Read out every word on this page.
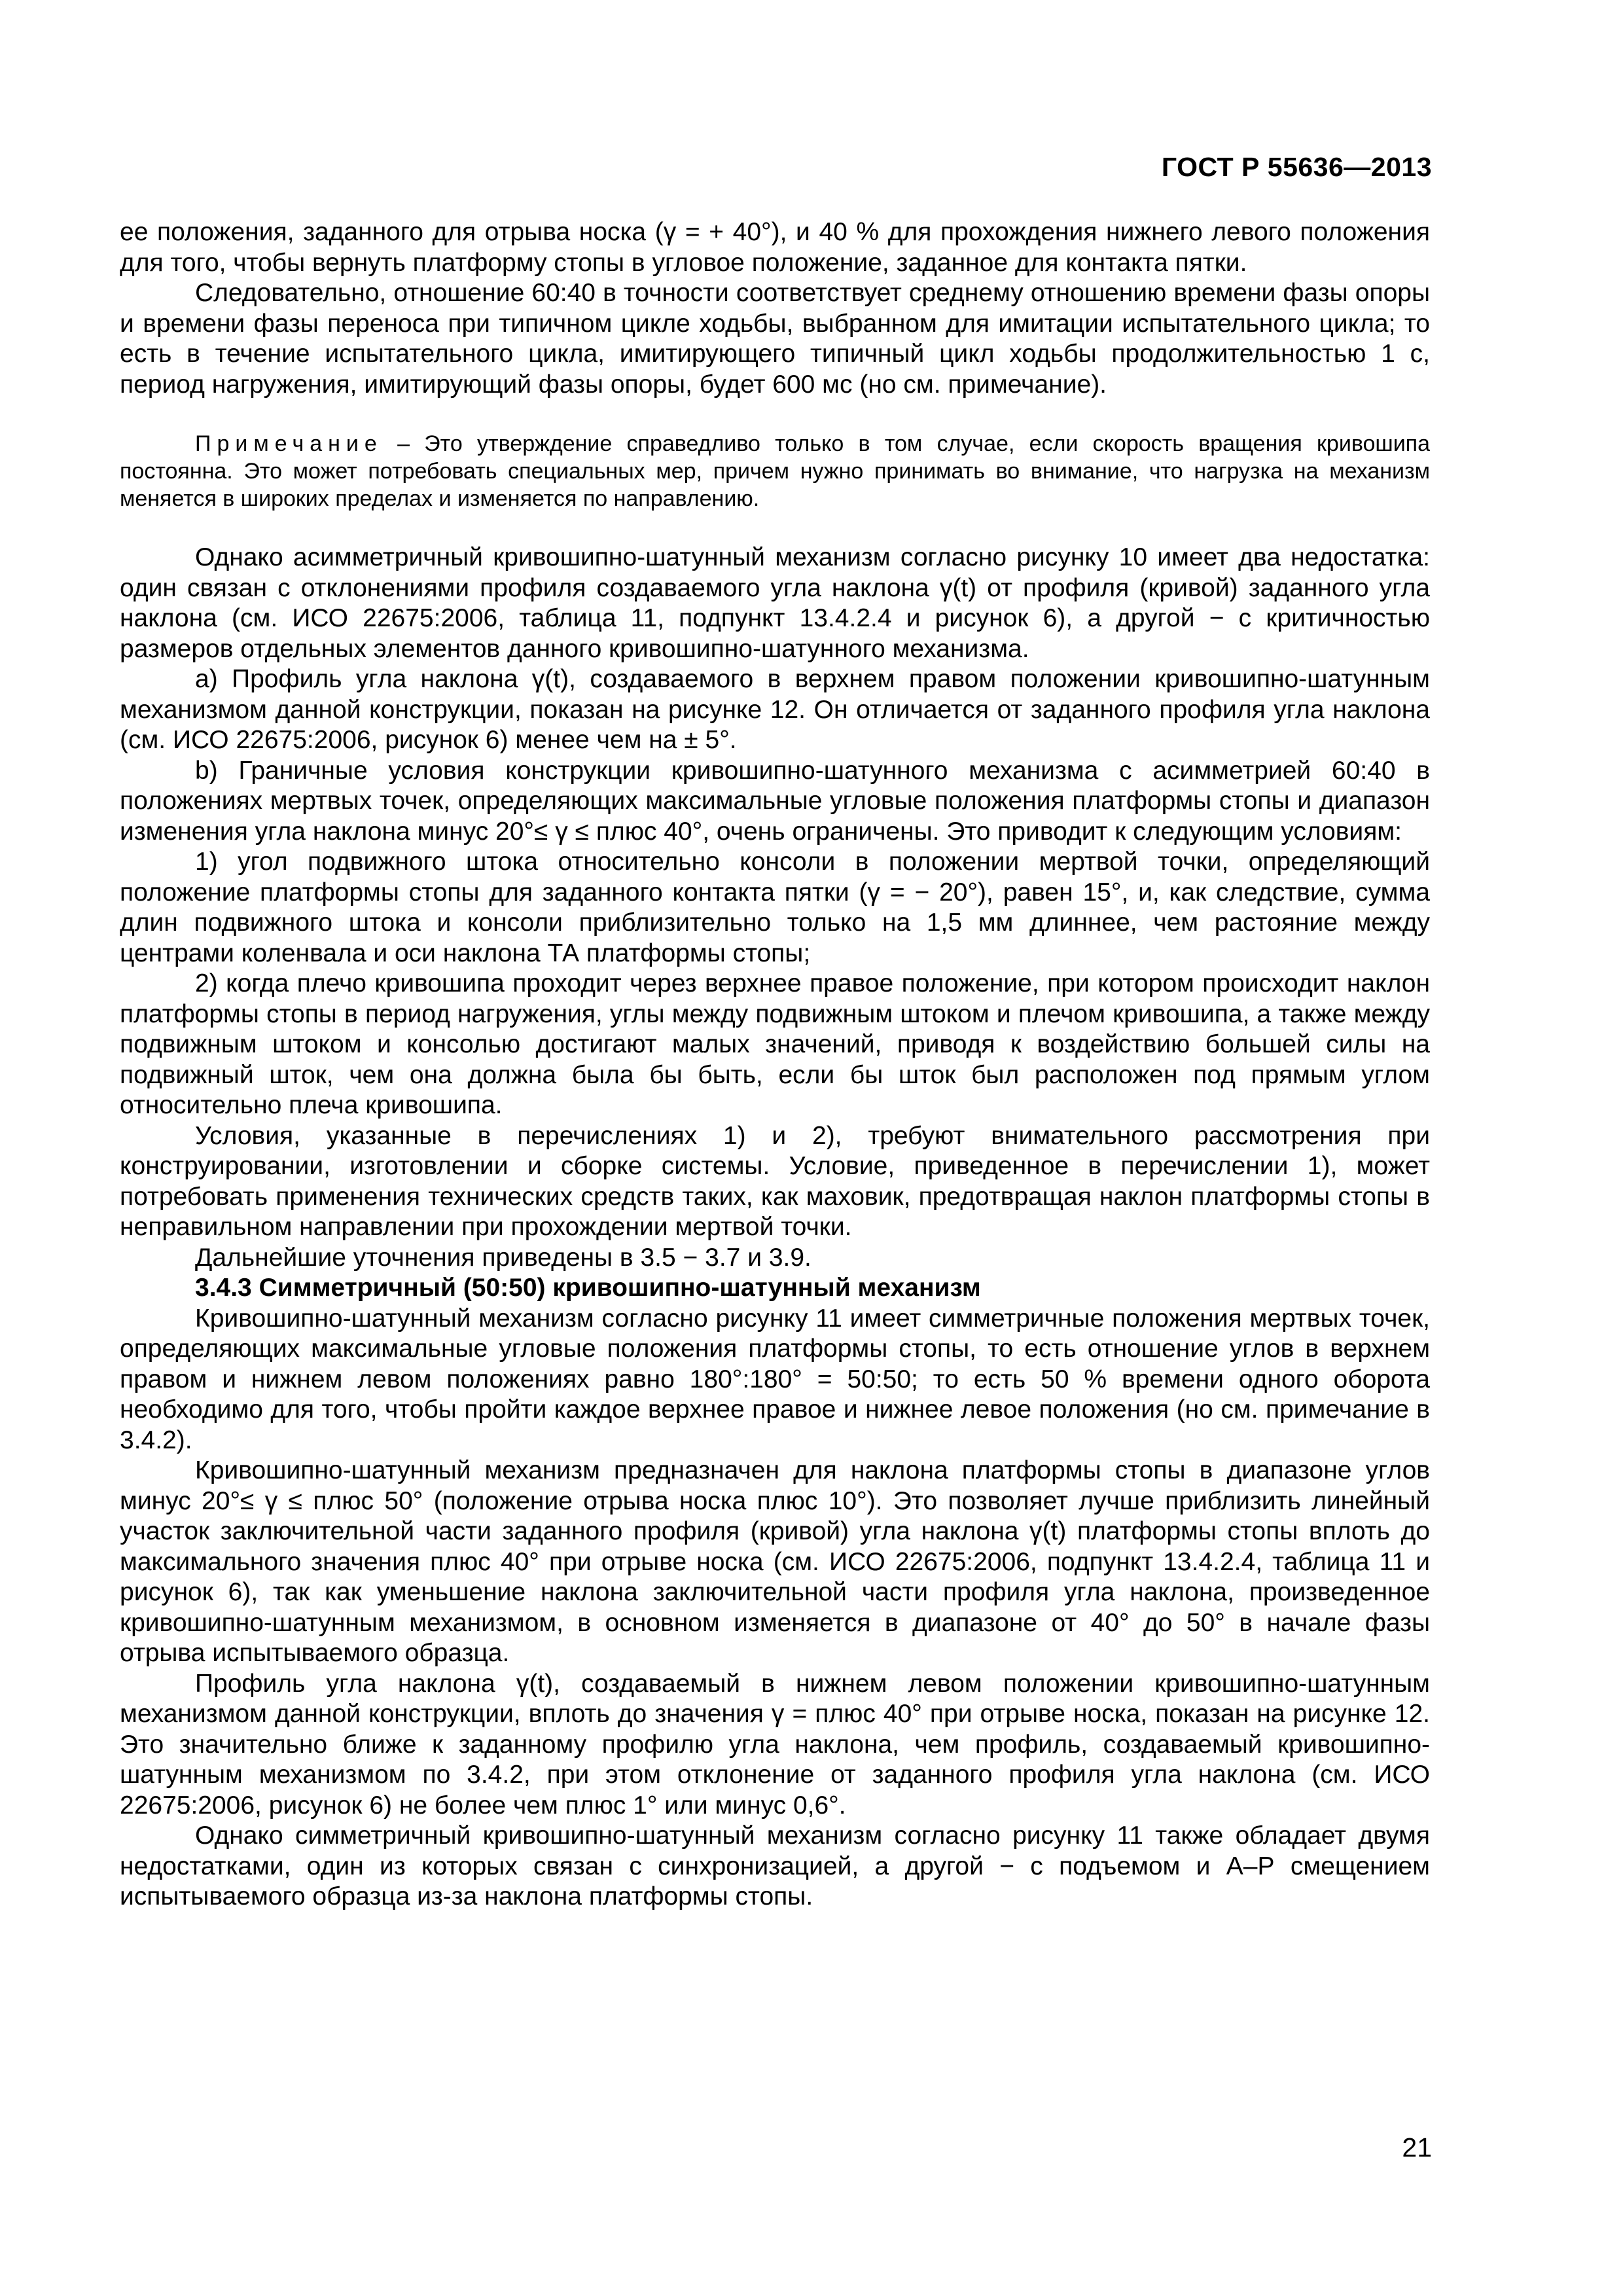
ГОСТ Р 55636—2013

ее положения, заданного для отрыва носка (γ = + 40°), и 40 % для прохождения нижнего левого положения для того, чтобы вернуть платформу стопы в угловое положение, заданное для контакта пятки.

Следовательно, отношение 60:40 в точности соответствует среднему отношению времени фазы опоры и времени фазы переноса при типичном цикле ходьбы, выбранном для имитации испытательного цикла; то есть в течение испытательного цикла, имитирующего типичный цикл ходьбы продолжительностью 1 с, период нагружения, имитирующий фазы опоры, будет 600 мс (но см. примечание).

Примечание – Это утверждение справедливо только в том случае, если скорость вращения кривошипа постоянна. Это может потребовать специальных мер, причем нужно принимать во внимание, что нагрузка на механизм меняется в широких пределах и изменяется по направлению.

Однако асимметричный кривошипно-шатунный механизм согласно рисунку 10 имеет два недостатка: один связан с отклонениями профиля создаваемого угла наклона γ(t) от профиля (кривой) заданного угла наклона (см. ИСО 22675:2006, таблица 11, подпункт 13.4.2.4 и рисунок 6), а другой − с критичностью размеров отдельных элементов данного кривошипно-шатунного механизма.

a) Профиль угла наклона γ(t), создаваемого в верхнем правом положении кривошипно-шатунным механизмом данной конструкции, показан на рисунке 12. Он отличается от заданного профиля угла наклона (см. ИСО 22675:2006, рисунок 6) менее чем на ± 5°.

b) Граничные условия конструкции кривошипно-шатунного механизма с асимметрией 60:40 в положениях мертвых точек, определяющих максимальные угловые положения платформы стопы и диапазон изменения угла наклона минус 20°≤ γ ≤ плюс 40°, очень ограничены. Это приводит к следующим условиям:

1) угол подвижного штока относительно консоли в положении мертвой точки, определяющий положение платформы стопы для заданного контакта пятки (γ = − 20°), равен 15°, и, как следствие, сумма длин подвижного штока и консоли приблизительно только на 1,5 мм длиннее, чем растояние между центрами коленвала и оси наклона ТА платформы стопы;

2) когда плечо кривошипа проходит через верхнее правое положение, при котором происходит наклон платформы стопы в период нагружения, углы между подвижным штоком и плечом кривошипа, а также между подвижным штоком и консолью достигают малых значений, приводя к воздействию большей силы на подвижный шток, чем она должна была бы быть, если бы шток был расположен под прямым углом относительно плеча кривошипа.

Условия, указанные в перечислениях 1) и 2), требуют внимательного рассмотрения при конструировании, изготовлении и сборке системы. Условие, приведенное в перечислении 1), может потребовать применения технических средств таких, как маховик, предотвращая наклон платформы стопы в неправильном направлении при прохождении мертвой точки.

Дальнейшие уточнения приведены в 3.5 − 3.7 и 3.9.

3.4.3 Симметричный (50:50) кривошипно-шатунный механизм

Кривошипно-шатунный механизм согласно рисунку 11 имеет симметричные положения мертвых точек, определяющих максимальные угловые положения платформы стопы, то есть отношение углов в верхнем правом и нижнем левом положениях равно 180°:180° = 50:50; то есть 50 % времени одного оборота необходимо для того, чтобы пройти каждое верхнее правое и нижнее левое положения (но см. примечание в 3.4.2).

Кривошипно-шатунный механизм предназначен для наклона платформы стопы в диапазоне углов минус 20°≤ γ ≤ плюс 50° (положение отрыва носка плюс 10°). Это позволяет лучше приблизить линейный участок заключительной части заданного профиля (кривой) угла наклона γ(t) платформы стопы вплоть до максимального значения плюс 40° при отрыве носка (см. ИСО 22675:2006, подпункт 13.4.2.4, таблица 11 и рисунок 6), так как уменьшение наклона заключительной части профиля угла наклона, произведенное кривошипно-шатунным механизмом, в основном изменяется в диапазоне от 40° до 50° в начале фазы отрыва испытываемого образца.

Профиль угла наклона γ(t), создаваемый в нижнем левом положении кривошипно-шатунным механизмом данной конструкции, вплоть до значения γ = плюс 40° при отрыве носка, показан на рисунке 12. Это значительно ближе к заданному профилю угла наклона, чем профиль, создаваемый кривошипно-шатунным механизмом по 3.4.2, при этом отклонение от заданного профиля угла наклона (см. ИСО 22675:2006, рисунок 6) не более чем плюс 1° или минус 0,6°.

Однако симметричный кривошипно-шатунный механизм согласно рисунку 11 также обладает двумя недостатками, один из которых связан с синхронизацией, а другой − с подъемом и А–Р смещением испытываемого образца из-за наклона платформы стопы.

21
